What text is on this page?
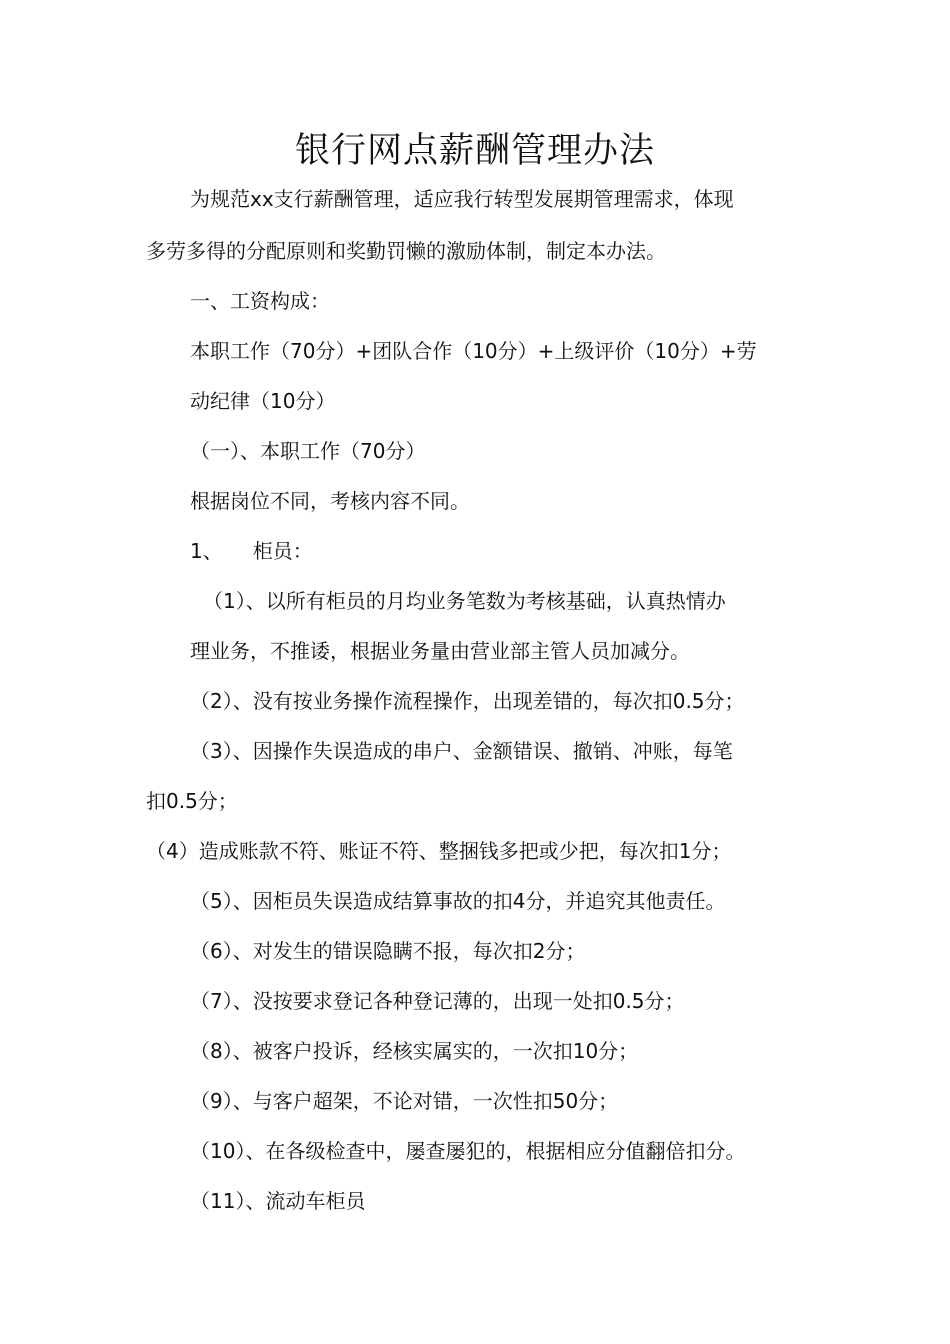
银行网点薪酬管理办法
为规范xx支行薪酬管理，适应我行转型发展期管理需求，体现
多劳多得的分配原则和奖勤罚懒的激励体制，制定本办法。
一、工资构成：
本职工作（70分）+团队合作（10分）+上级评价（10分）+劳
动纪律（10分）
（一）、本职工作（70分）
根据岗位不同，考核内容不同。
1、 柜员：
（1）、以所有柜员的月均业务笔数为考核基础，认真热情办
理业务，不推诿，根据业务量由营业部主管人员加减分。
（2）、没有按业务操作流程操作，出现差错的，每次扣0.5分；
（3）、因操作失误造成的串户、金额错误、撤销、冲账，每笔
扣0.5分；
（4）造成账款不符、账证不符、整捆钱多把或少把，每次扣1分；
（5）、因柜员失误造成结算事故的扣4分，并追究其他责任。
（6）、对发生的错误隐瞒不报，每次扣2分；
（7）、没按要求登记各种登记薄的，出现一处扣0.5分；
（8）、被客户投诉，经核实属实的，一次扣10分；
（9）、与客户超架，不论对错，一次性扣50分；
（10）、在各级检查中，屡查屡犯的，根据相应分值翻倍扣分。
（11）、流动车柜员
